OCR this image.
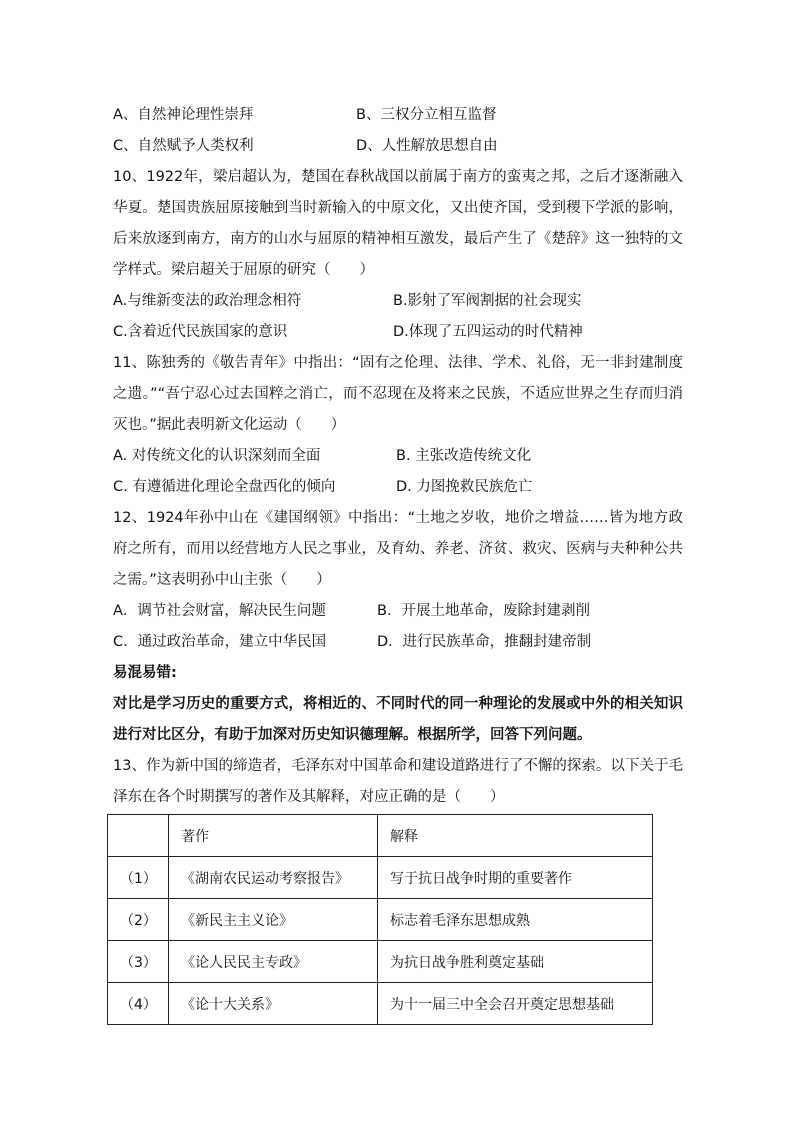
A、自然神论理性崇拜	B、三权分立相互监督
C、自然赋予人类权利	D、人性解放思想自由
10、1922年，梁启超认为，楚国在春秋战国以前属于南方的蛮夷之邦，之后才逐渐融入华夏。楚国贵族屈原接触到当时新输入的中原文化，又出使齐国，受到稷下学派的影响，后来放逐到南方，南方的山水与屈原的精神相互激发，最后产生了《楚辞》这一独特的文学样式。梁启超关于屈原的研究（　　）
A.与维新变法的政治理念相符	B.影射了军阀割据的社会现实
C.含着近代民族国家的意识	D.体现了五四运动的时代精神
11、陈独秀的《敬告青年》中指出：“固有之伦理、法律、学术、礼俗，无一非封建制度之遗。”“吾宁忍心过去国粹之消亡，而不忍现在及将来之民族，不适应世界之生存而归消灭也。”据此表明新文化运动（　　）
A. 对传统文化的认识深刻而全面	B. 主张改造传统文化
C. 有遵循进化理论全盘西化的倾向	D. 力图挽救民族危亡
12、1924年孙中山在《建国纲领》中指出：“土地之岁收，地价之增益……皆为地方政府之所有，而用以经营地方人民之事业，及育幼、养老、济贫、救灾、医病与夫种种公共之需。”这表明孙中山主张（　　）
A．调节社会财富，解决民生问题	B．开展土地革命，废除封建剥削
C．通过政治革命，建立中华民国	D．进行民族革命，推翻封建帝制
易混易错:
对比是学习历史的重要方式，将相近的、不同时代的同一种理论的发展或中外的相关知识进行对比区分，有助于加深对历史知识德理解。根据所学，回答下列问题。
13、作为新中国的缔造者，毛泽东对中国革命和建设道路进行了不懈的探索。以下关于毛泽东在各个时期撰写的著作及其解释，对应正确的是（　　）
	著作	解释
（1）	《湖南农民运动考察报告》	写于抗日战争时期的重要著作
（2）	《新民主主义论》	标志着毛泽东思想成熟
（3）	《论人民民主专政》	为抗日战争胜利奠定基础
（4）	《论十大关系》	为十一届三中全会召开奠定思想基础
